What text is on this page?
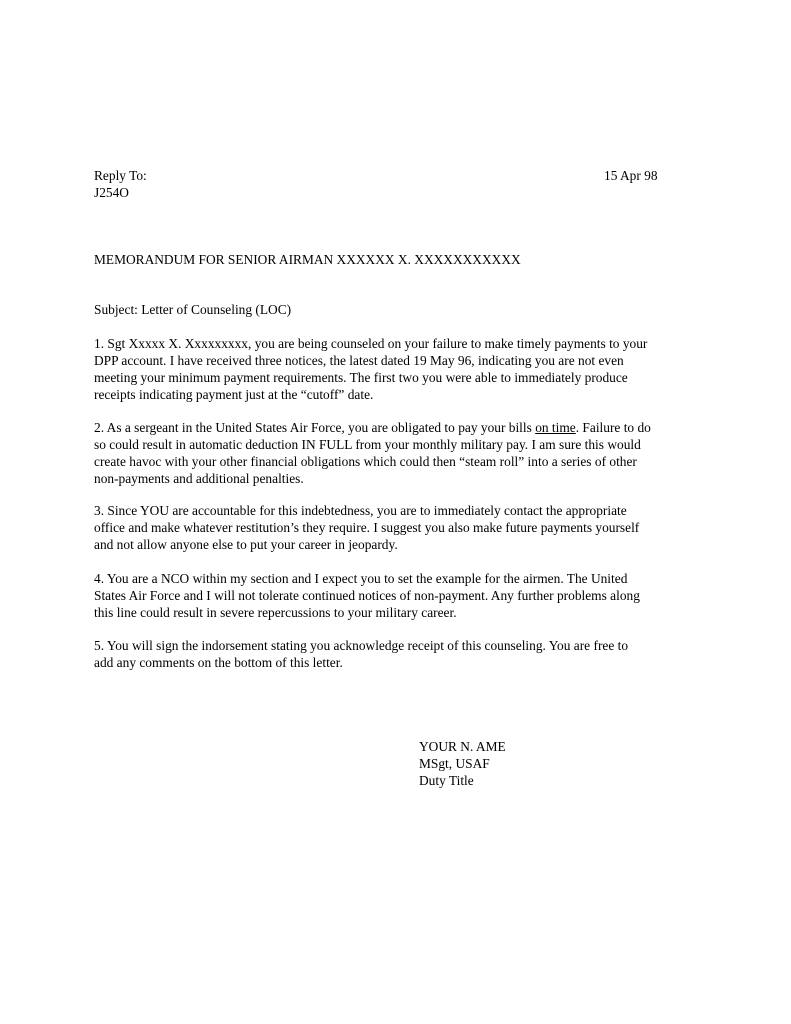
Reply To:
J254O
15 Apr 98
MEMORANDUM FOR SENIOR AIRMAN XXXXXX X. XXXXXXXXXXX
Subject: Letter of Counseling (LOC)
1. Sgt Xxxxx X. Xxxxxxxxx, you are being counseled on your failure to make timely payments to your
DPP account. I have received three notices, the latest dated 19 May 96, indicating you are not even
meeting your minimum payment requirements. The first two you were able to immediately produce
receipts indicating payment just at the “cutoff” date.
2. As a sergeant in the United States Air Force, you are obligated to pay your bills on time. Failure to do
so could result in automatic deduction IN FULL from your monthly military pay. I am sure this would
create havoc with your other financial obligations which could then “steam roll” into a series of other
non-payments and additional penalties.
3. Since YOU are accountable for this indebtedness, you are to immediately contact the appropriate
office and make whatever restitution’s they require. I suggest you also make future payments yourself
and not allow anyone else to put your career in jeopardy.
4. You are a NCO within my section and I expect you to set the example for the airmen. The United
States Air Force and I will not tolerate continued notices of non-payment. Any further problems along
this line could result in severe repercussions to your military career.
5. You will sign the indorsement stating you acknowledge receipt of this counseling. You are free to
add any comments on the bottom of this letter.
YOUR N. AME
MSgt, USAF
Duty Title
